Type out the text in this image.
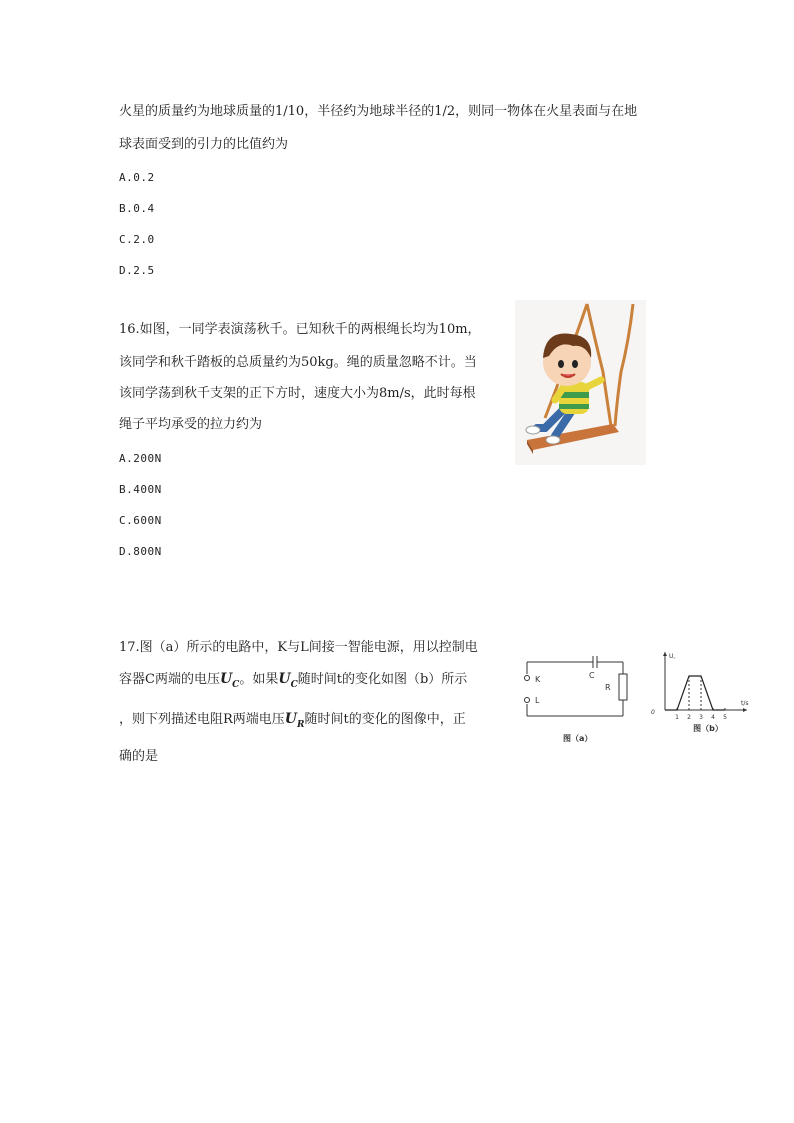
火星的质量约为地球质量的1/10，半径约为地球半径的1/2，则同一物体在火星表面与在地
球表面受到的引力的比值约为
A.0.2
B.0.4
C.2.0
D.2.5
16.如图，一同学表演荡秋千。已知秋千的两根绳长均为10m，
该同学和秋千踏板的总质量约为50kg。绳的质量忽略不计。当
该同学荡到秋千支架的正下方时，速度大小为8m/s，此时每根
绳子平均承受的拉力约为
A.200N
B.400N
C.600N
D.800N
17.图（a）所示的电路中，K与L间接一智能电源，用以控制电
容器C两端的电压$U_C$。如果$U_C$随时间t的变化如图（b）所示
，则下列描述电阻R两端电压$U_R$随时间t的变化的图像中，正
确的是
K
L
C
R
图（a）
1 2 3 4 5
U꜀
t/s
0
图（b）
